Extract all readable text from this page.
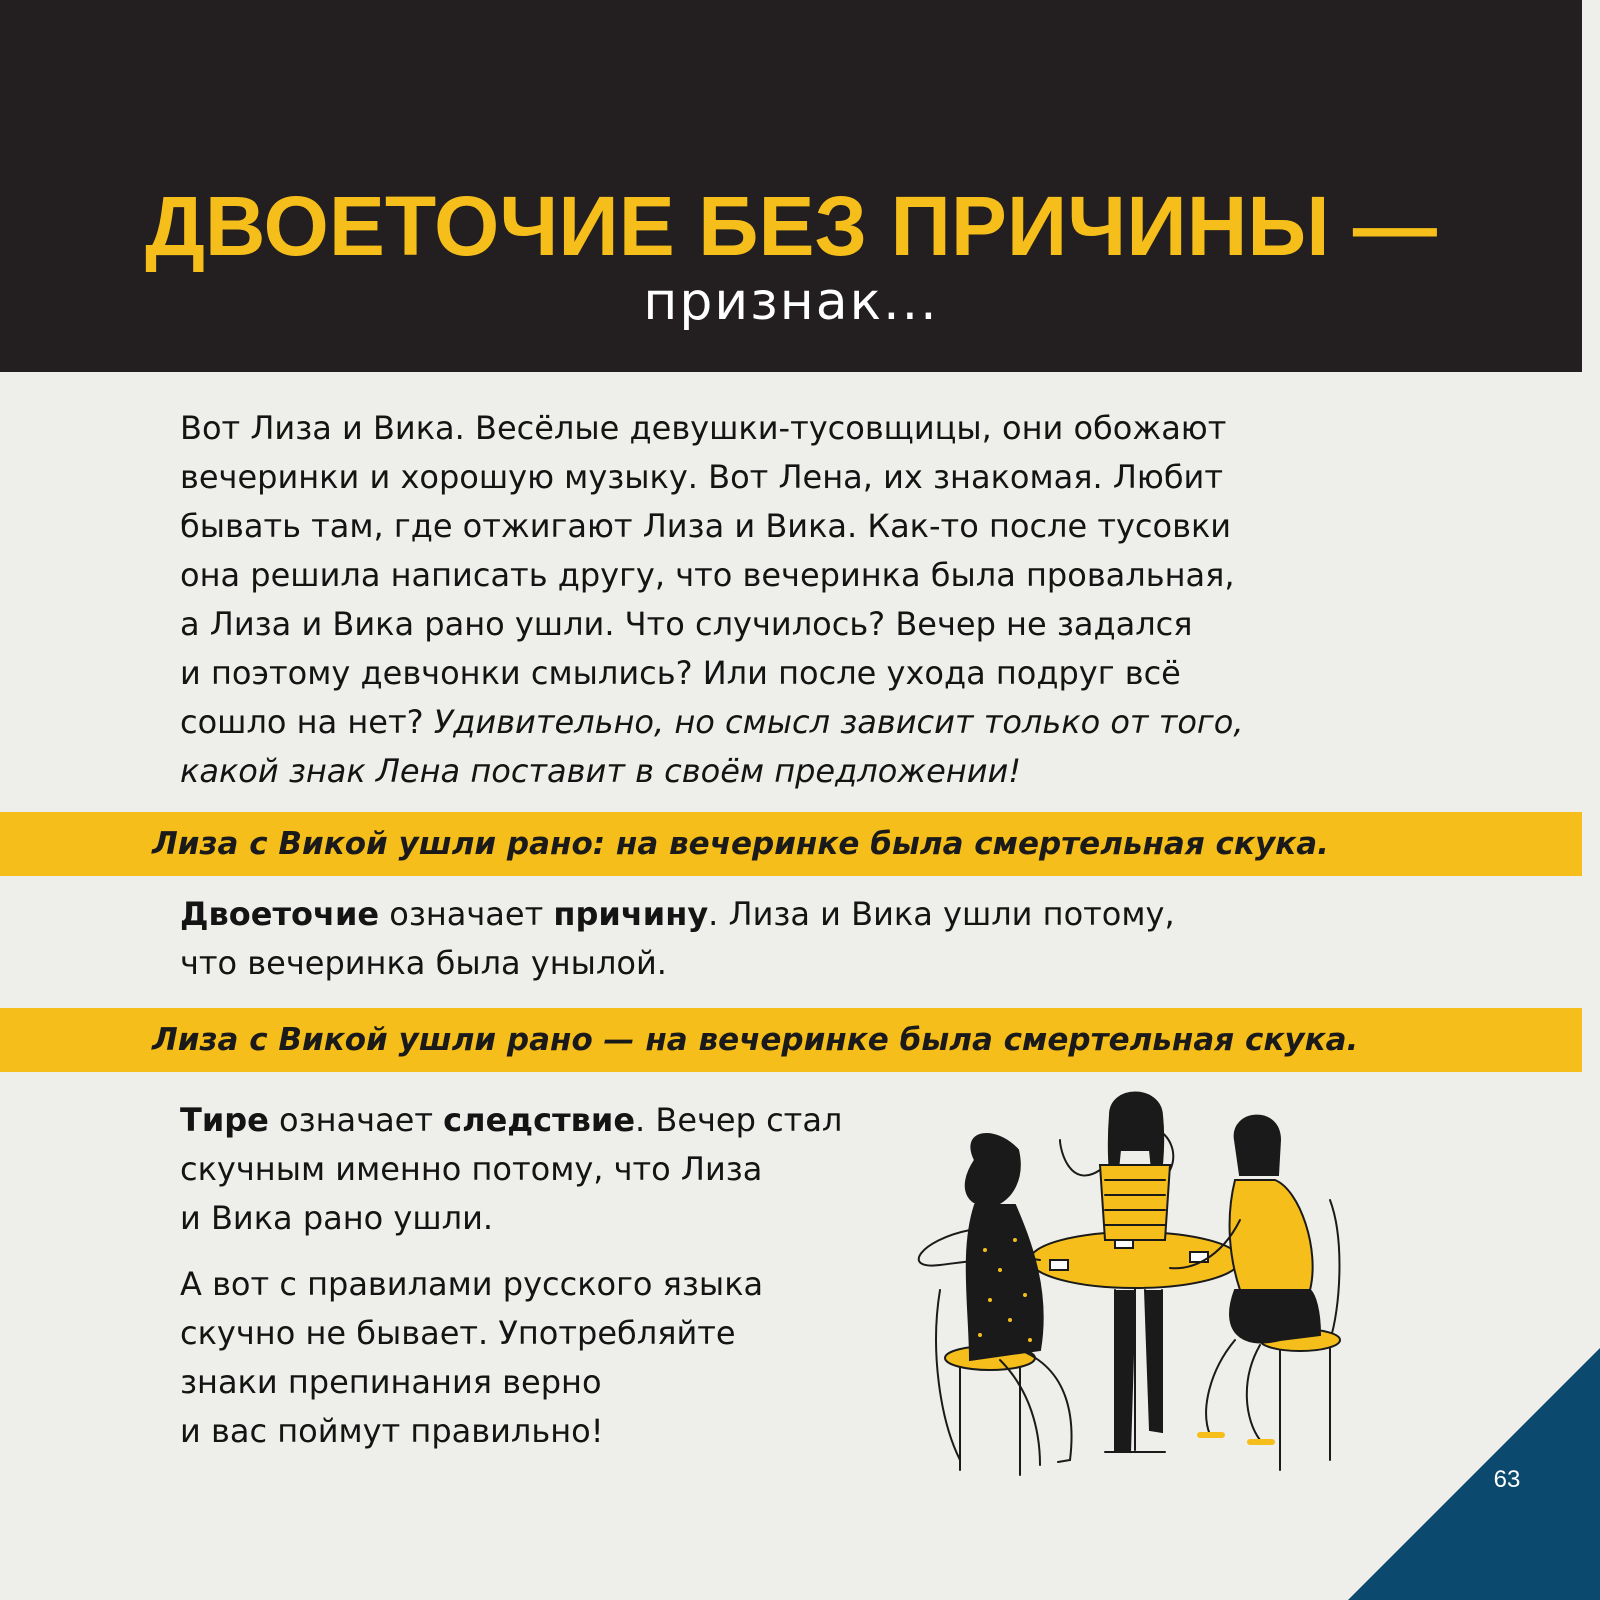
ДВОЕТОЧИЕ БЕЗ ПРИЧИНЫ —
признак...
Вот Лиза и Вика. Весёлые девушки-тусовщицы, они обожают
вечеринки и хорошую музыку. Вот Лена, их знакомая. Любит
бывать там, где отжигают Лиза и Вика. Как-то после тусовки
она решила написать другу, что вечеринка была провальная,
а Лиза и Вика рано ушли. Что случилось? Вечер не задался
и поэтому девчонки смылись? Или после ухода подруг всё
сошло на нет? Удивительно, но смысл зависит только от того,
какой знак Лена поставит в своём предложении!
Лиза с Викой ушли рано: на вечеринке была смертельная скука.
Двоеточие означает причину. Лиза и Вика ушли потому,
что вечеринка была унылой.
Лиза с Викой ушли рано — на вечеринке была смертельная скука.
Тире означает следствие. Вечер стал
скучным именно потому, что Лиза
и Вика рано ушли.
А вот с правилами русского языка
скучно не бывает. Употребляйте
знаки препинания верно
и вас поймут правильно!
63
